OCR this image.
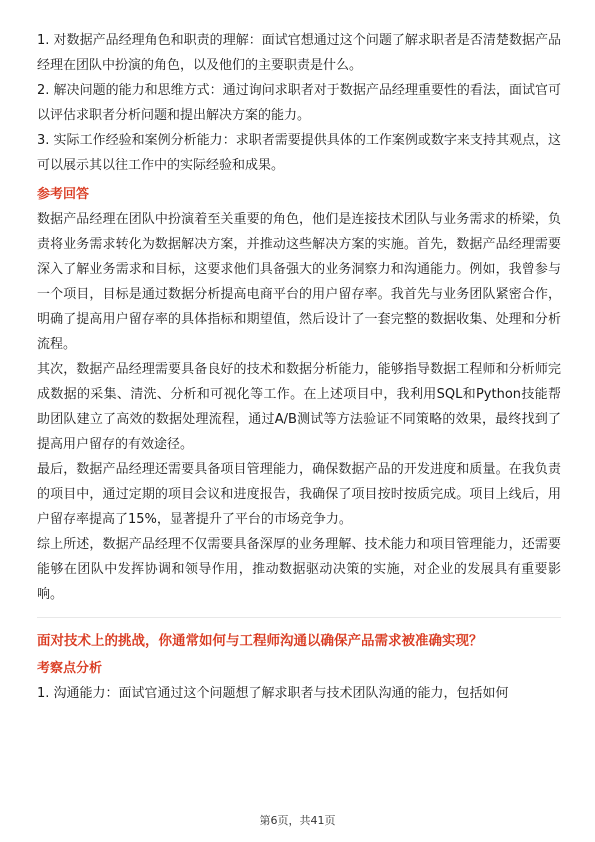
1. 对数据产品经理角色和职责的理解：面试官想通过这个问题了解求职者是否清楚数据产品经理在团队中扮演的角色，以及他们的主要职责是什么。

2. 解决问题的能力和思维方式：通过询问求职者对于数据产品经理重要性的看法，面试官可以评估求职者分析问题和提出解决方案的能力。

3. 实际工作经验和案例分析能力：求职者需要提供具体的工作案例或数字来支持其观点，这可以展示其以往工作中的实际经验和成果。

参考回答

数据产品经理在团队中扮演着至关重要的角色，他们是连接技术团队与业务需求的桥梁，负责将业务需求转化为数据解决方案，并推动这些解决方案的实施。首先，数据产品经理需要深入了解业务需求和目标，这要求他们具备强大的业务洞察力和沟通能力。例如，我曾参与一个项目，目标是通过数据分析提高电商平台的用户留存率。我首先与业务团队紧密合作，明确了提高用户留存率的具体指标和期望值，然后设计了一套完整的数据收集、处理和分析流程。

其次，数据产品经理需要具备良好的技术和数据分析能力，能够指导数据工程师和分析师完成数据的采集、清洗、分析和可视化等工作。在上述项目中，我利用SQL和Python技能帮助团队建立了高效的数据处理流程，通过A/B测试等方法验证不同策略的效果，最终找到了提高用户留存的有效途径。

最后，数据产品经理还需要具备项目管理能力，确保数据产品的开发进度和质量。在我负责的项目中，通过定期的项目会议和进度报告，我确保了项目按时按质完成。项目上线后，用户留存率提高了15%，显著提升了平台的市场竞争力。

综上所述，数据产品经理不仅需要具备深厚的业务理解、技术能力和项目管理能力，还需要能够在团队中发挥协调和领导作用，推动数据驱动决策的实施，对企业的发展具有重要影响。

面对技术上的挑战，你通常如何与工程师沟通以确保产品需求被准确实现？
考察点分析

1. 沟通能力：面试官通过这个问题想了解求职者与技术团队沟通的能力，包括如何

第6页，共41页
